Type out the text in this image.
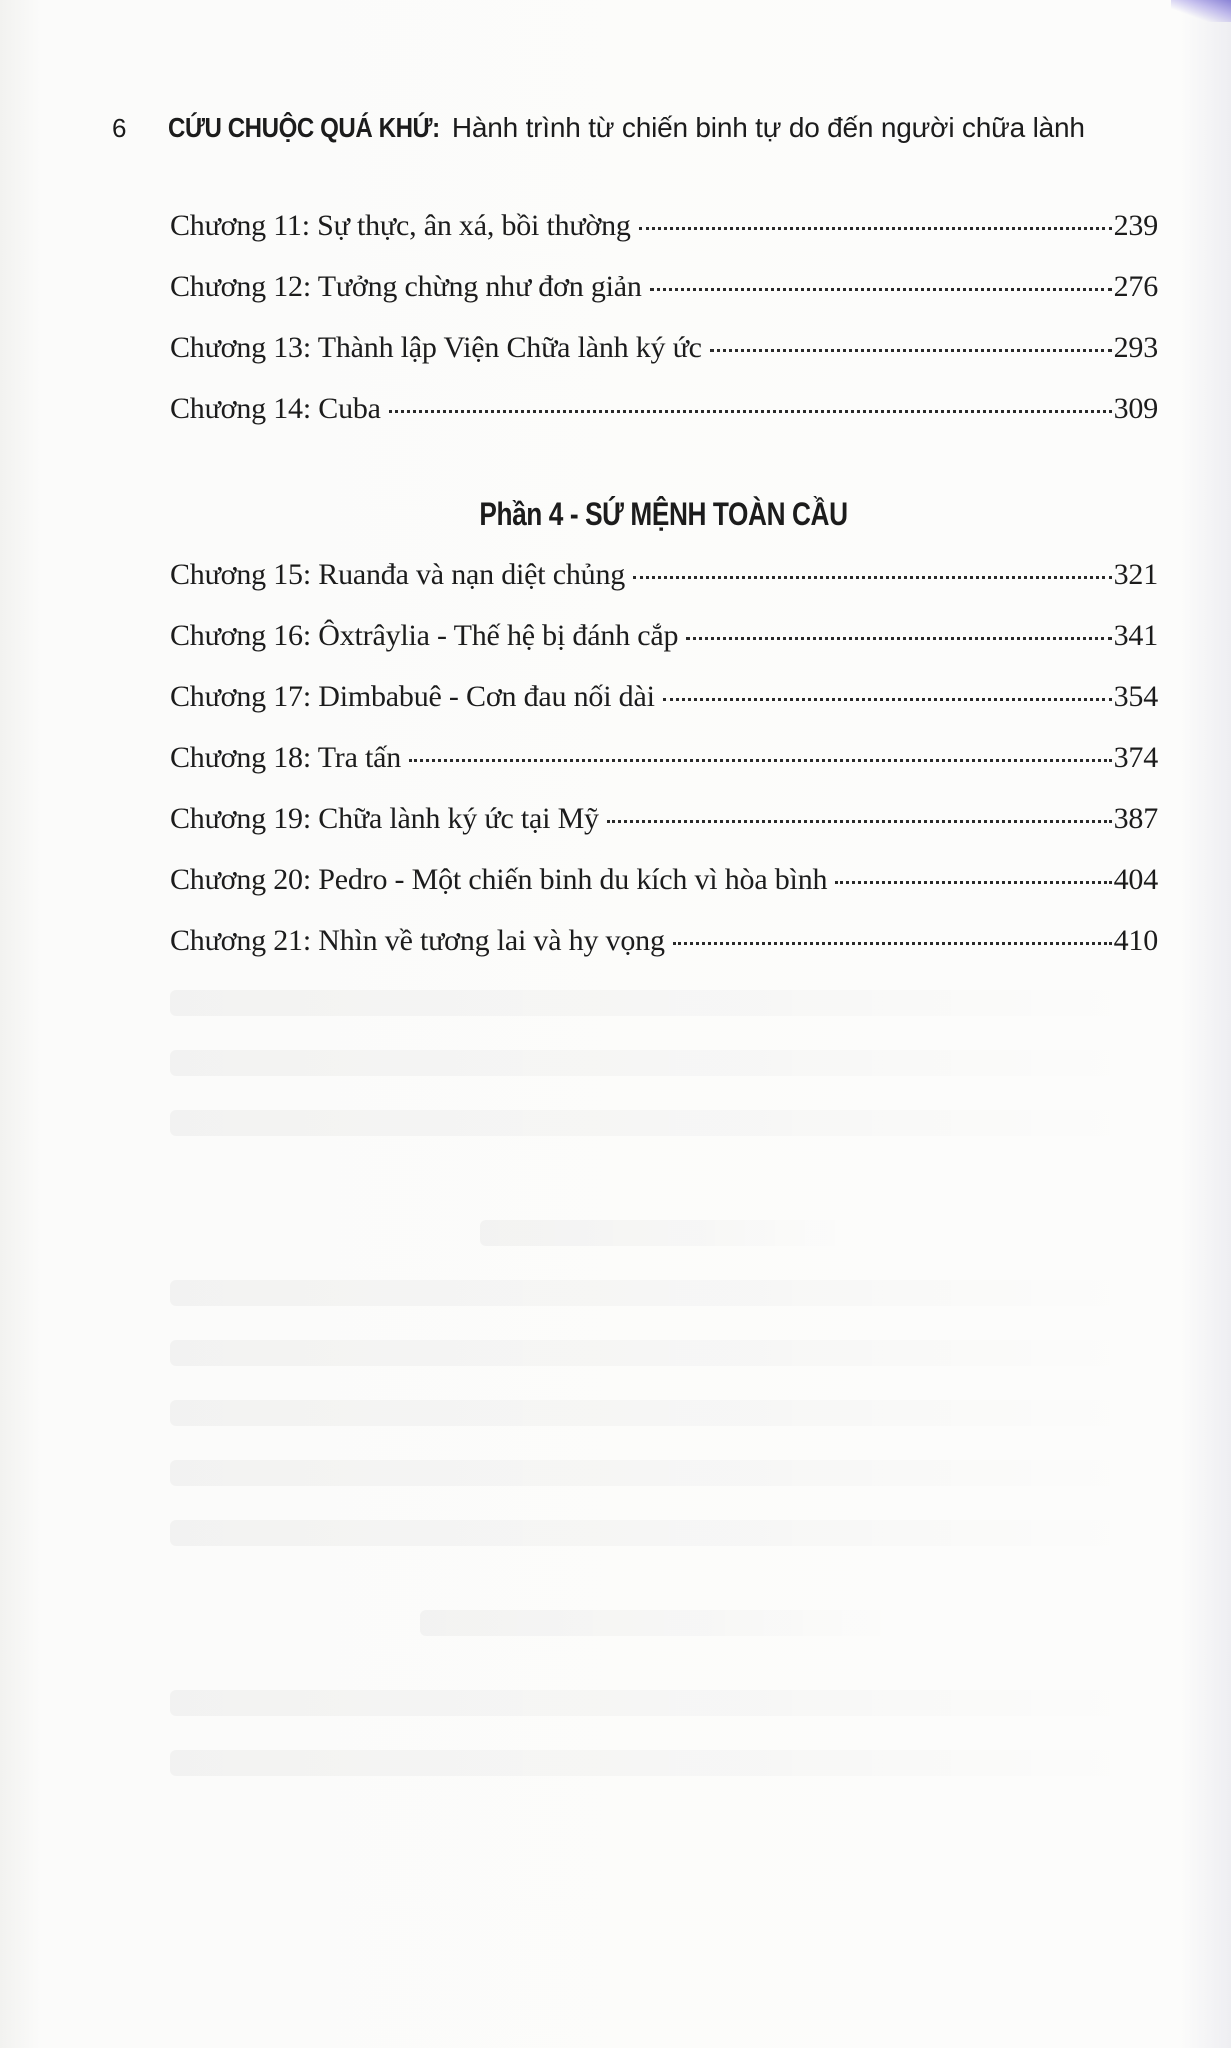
6	CỨU CHUỘC QUÁ KHỨ: Hành trình từ chiến binh tự do đến người chữa lành
Chương 11: Sự thực, ân xá, bồi thường	239
Chương 12: Tưởng chừng như đơn giản	276
Chương 13: Thành lập Viện Chữa lành ký ức	293
Chương 14: Cuba	309
Phần 4 - SỨ MỆNH TOÀN CẦU
Chương 15: Ruanđa và nạn diệt chủng	321
Chương 16: Ôxtrâylia - Thế hệ bị đánh cắp	341
Chương 17: Dimbabuê - Cơn đau nối dài	354
Chương 18: Tra tấn	374
Chương 19: Chữa lành ký ức tại Mỹ	387
Chương 20: Pedro - Một chiến binh du kích vì hòa bình	404
Chương 21: Nhìn về tương lai và hy vọng	410
